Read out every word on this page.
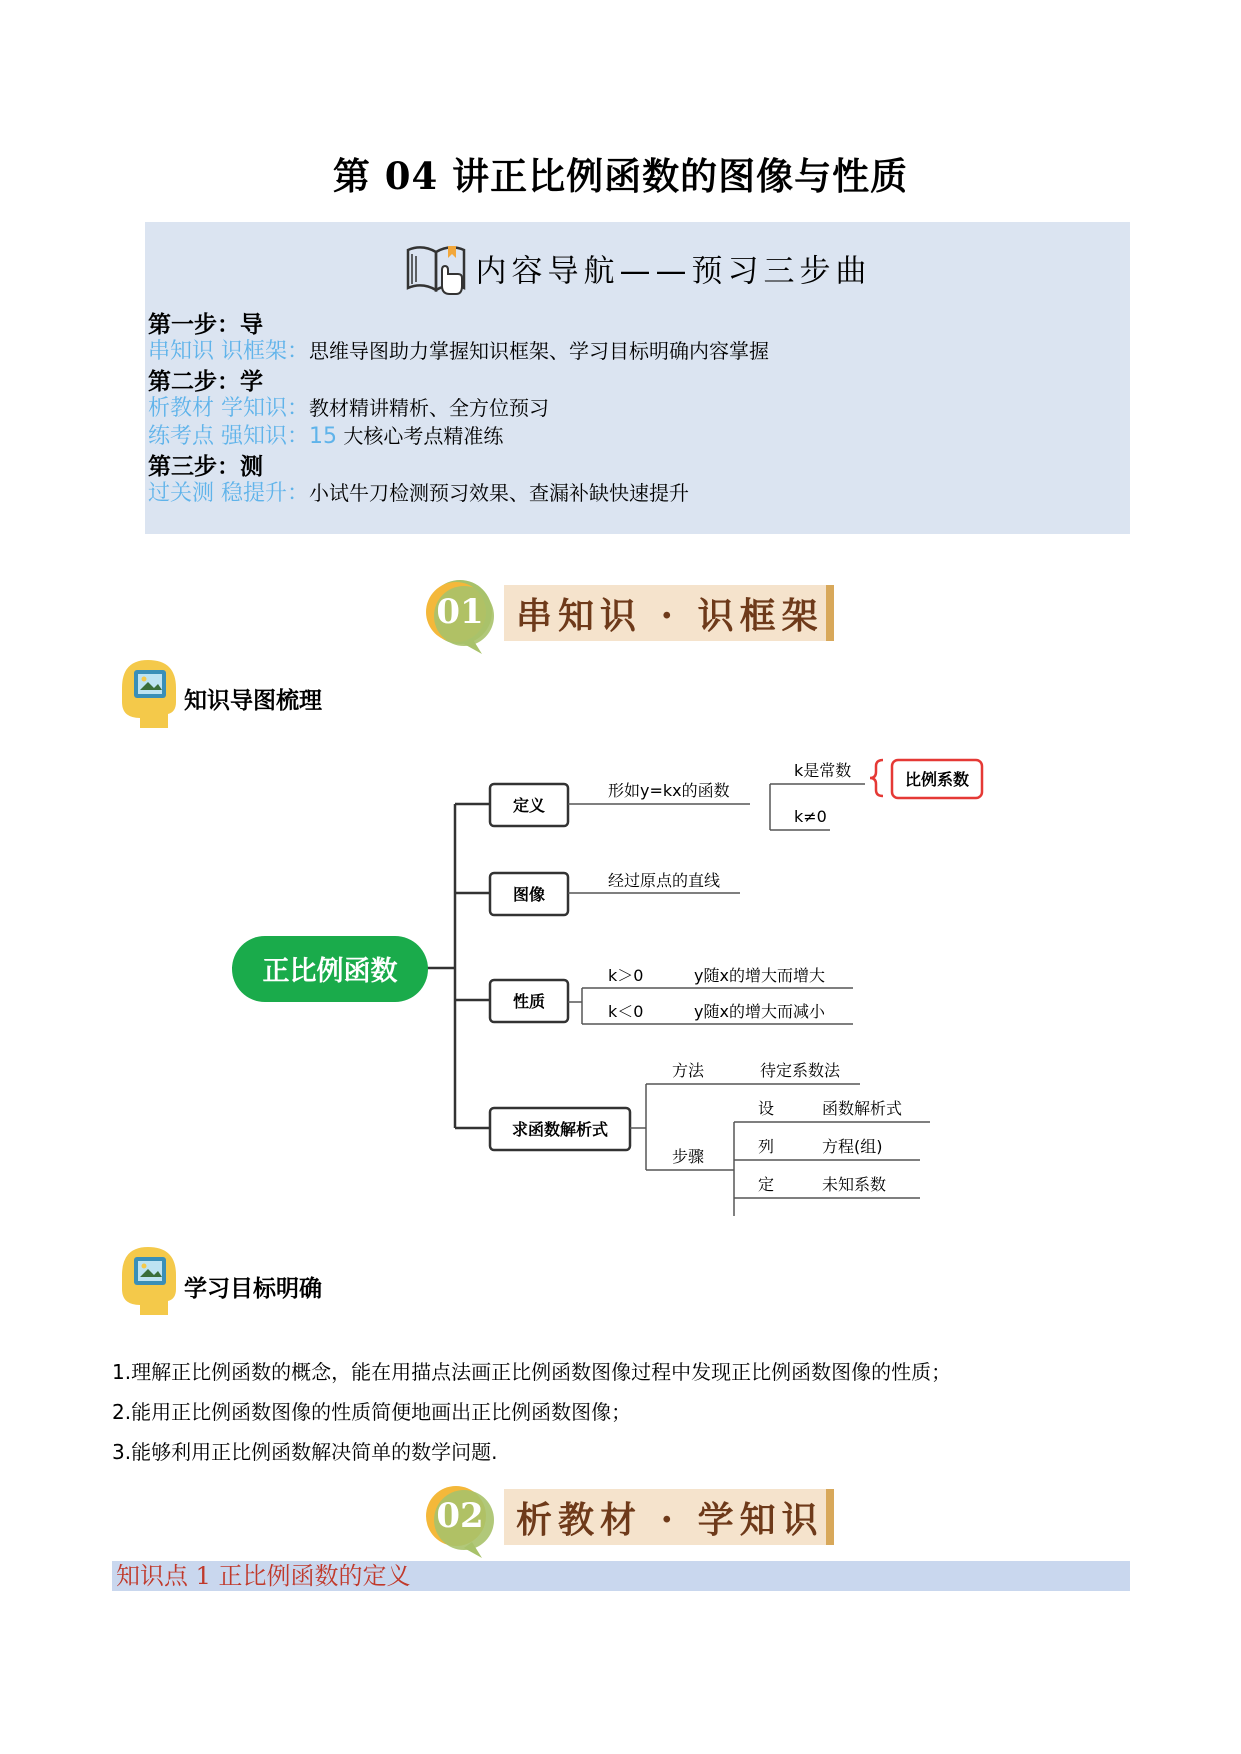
第 04 讲正比例函数的图像与性质
内容导航——预习三步曲
第一步：导
串知识 识框架：思维导图助力掌握知识框架、学习目标明确内容掌握
第二步：学
析教材 学知识：教材精讲精析、全方位预习
练考点 强知识：15 大核心考点精准练
第三步：测
过关测 稳提升：小试牛刀检测预习效果、查漏补缺快速提升
01 串知识 · 识框架
知识导图梳理
正比例函数
定义
形如y=kx的函数
k是常数
k≠0
比例系数
图像
经过原点的直线
性质
k＞0	y随x的增大而增大
k＜0	y随x的增大而减小
求函数解析式
方法	待定系数法
步骤
设	函数解析式
列	方程(组)
定	未知系数
学习目标明确
1.理解正比例函数的概念，能在用描点法画正比例函数图像过程中发现正比例函数图像的性质；
2.能用正比例函数图像的性质简便地画出正比例函数图像；
3.能够利用正比例函数解决简单的数学问题.
02 析教材 · 学知识
知识点 1 正比例函数的定义
